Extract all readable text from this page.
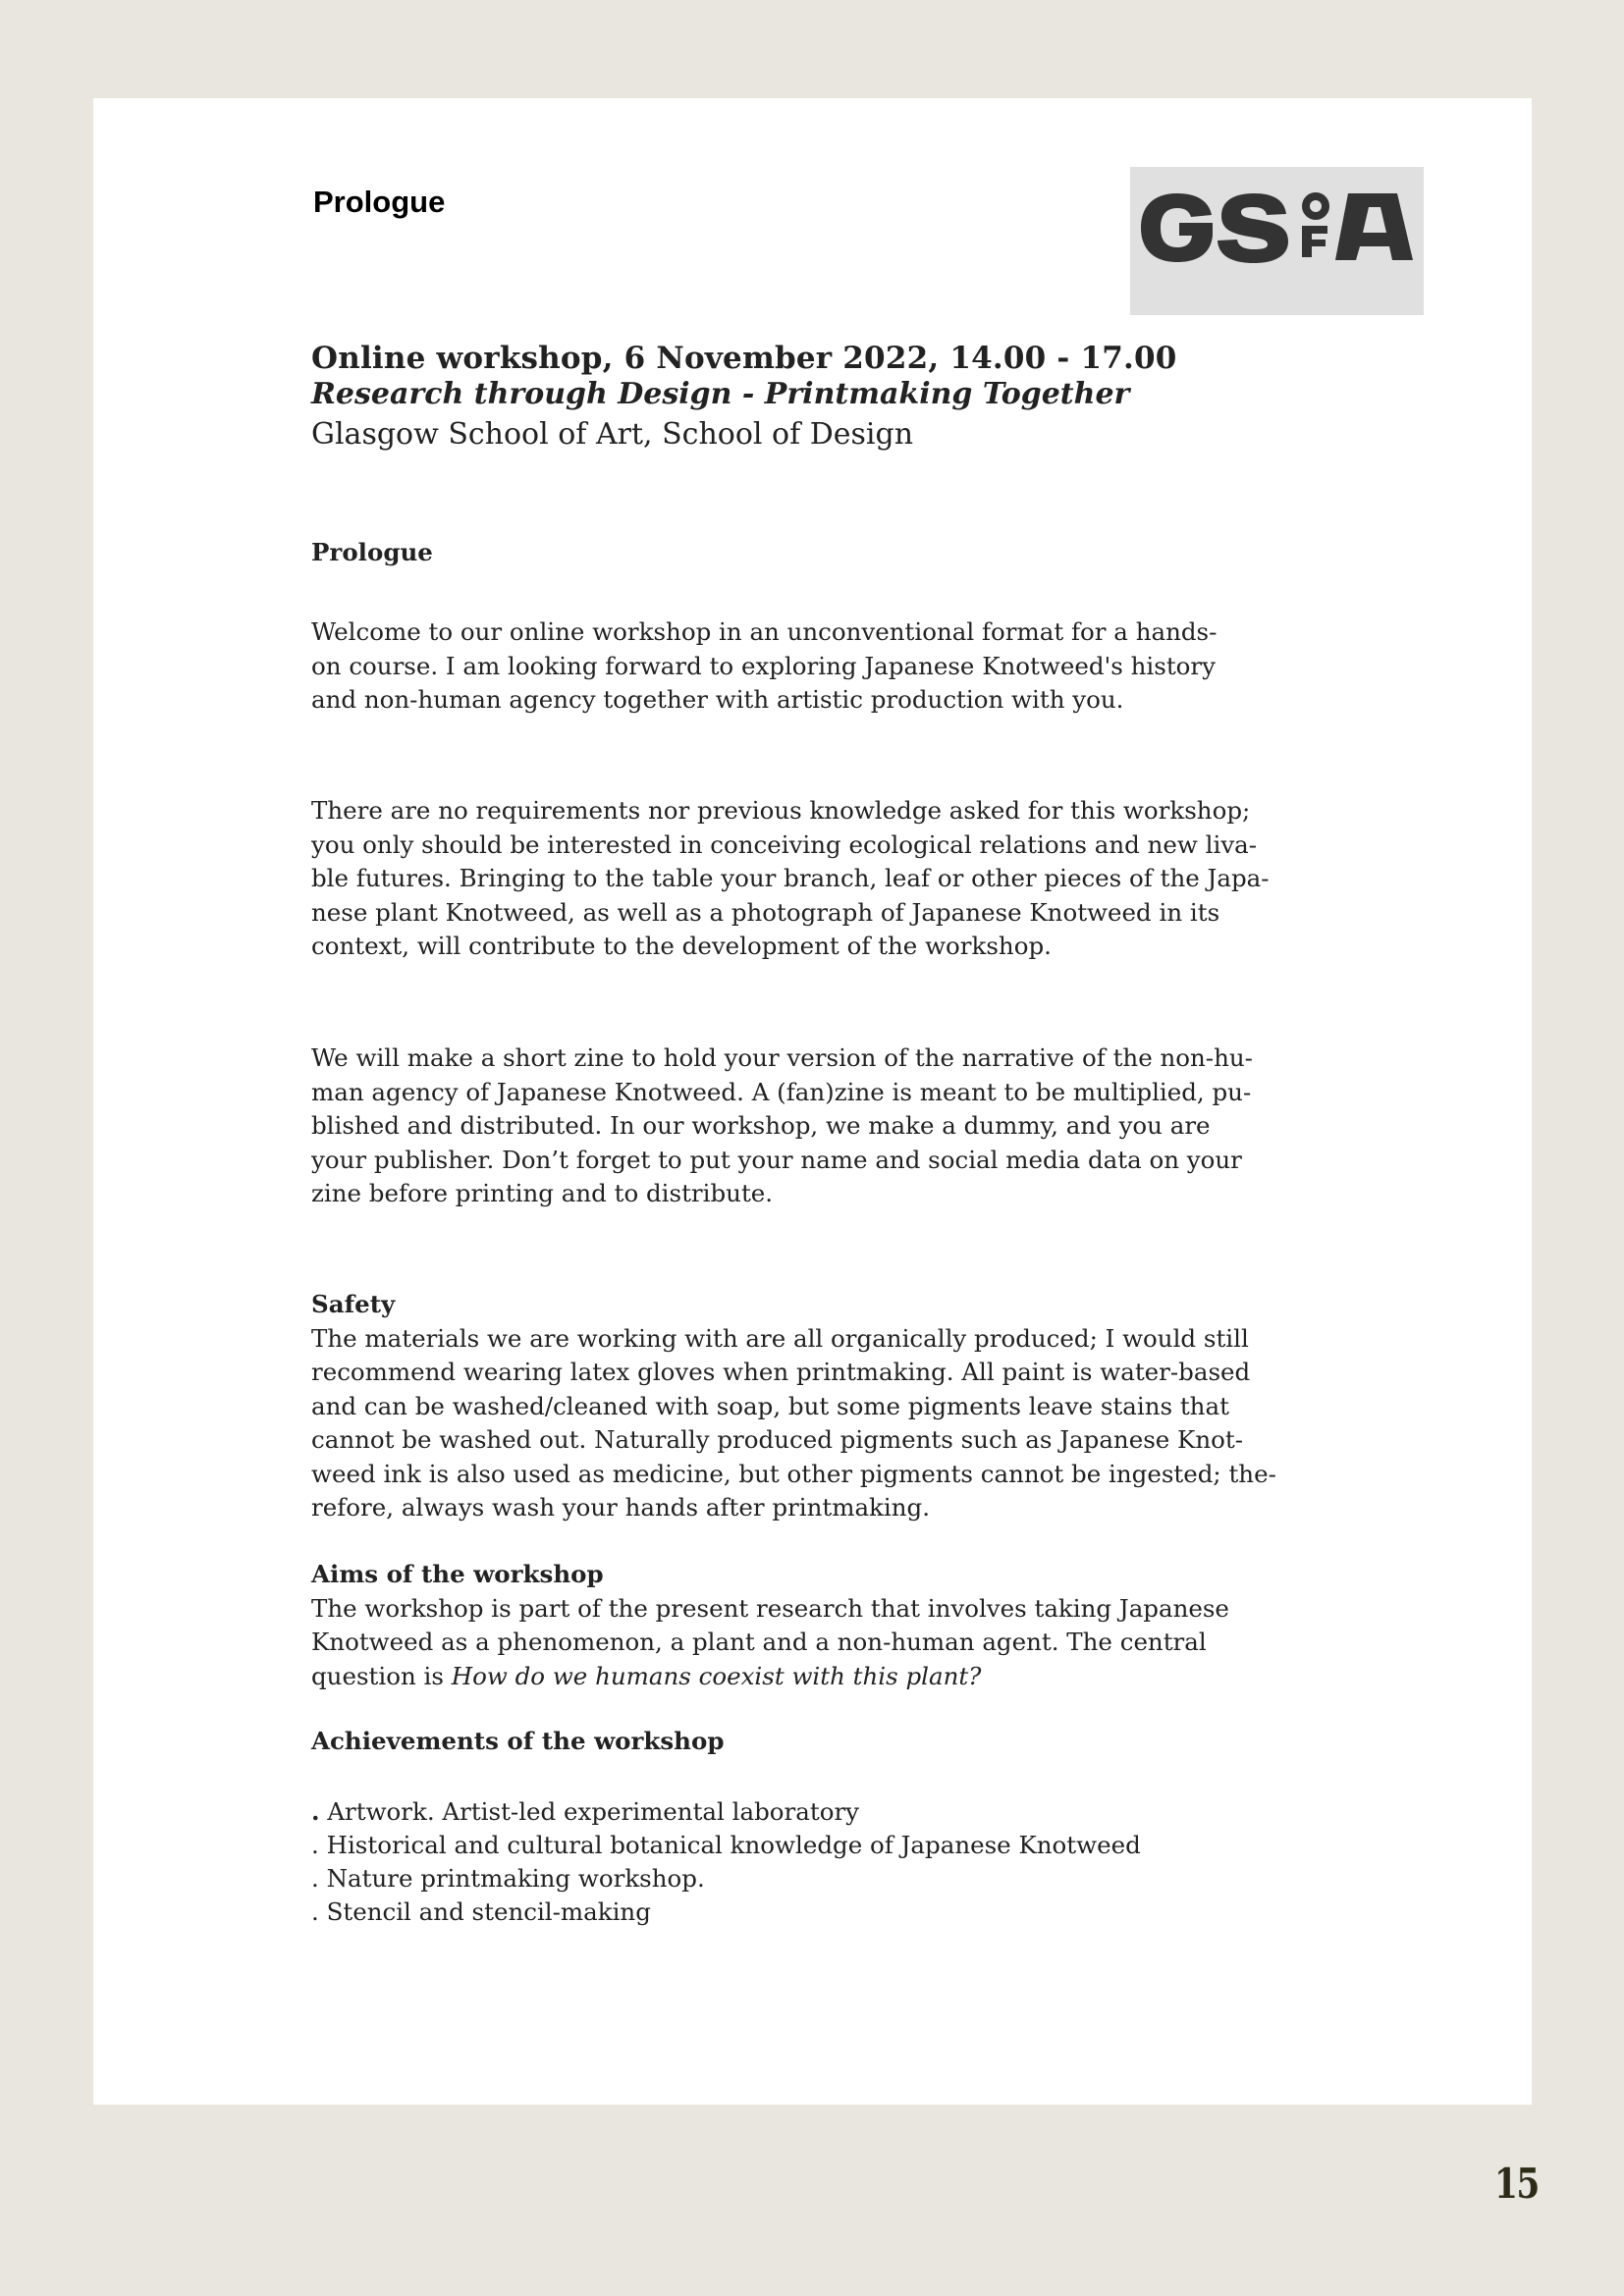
Prologue
Online workshop, 6 November 2022, 14.00 - 17.00
Research through Design - Printmaking Together
Glasgow School of Art, School of Design
Prologue
Welcome to our online workshop in an unconventional format for a hands-
on course. I am looking forward to exploring Japanese Knotweed's history
and non-human agency together with artistic production with you.
There are no requirements nor previous knowledge asked for this workshop;
you only should be interested in conceiving ecological relations and new liva-
ble futures. Bringing to the table your branch, leaf or other pieces of the Japa-
nese plant Knotweed, as well as a photograph of Japanese Knotweed in its
context, will contribute to the development of the workshop.
We will make a short zine to hold your version of the narrative of the non-hu-
man agency of Japanese Knotweed. A (fan)zine is meant to be multiplied, pu-
blished and distributed. In our workshop, we make a dummy, and you are
your publisher. Don’t forget to put your name and social media data on your
zine before printing and to distribute.
Safety
The materials we are working with are all organically produced; I would still
recommend wearing latex gloves when printmaking. All paint is water-based
and can be washed/cleaned with soap, but some pigments leave stains that
cannot be washed out. Naturally produced pigments such as Japanese Knot-
weed ink is also used as medicine, but other pigments cannot be ingested; the-
refore, always wash your hands after printmaking.
Aims of the workshop
The workshop is part of the present research that involves taking Japanese
Knotweed as a phenomenon, a plant and a non-human agent. The central
question is How do we humans coexist with this plant?
Achievements of the workshop
. Artwork. Artist-led experimental laboratory
. Historical and cultural botanical knowledge of Japanese Knotweed
. Nature printmaking workshop.
. Stencil and stencil-making
15
